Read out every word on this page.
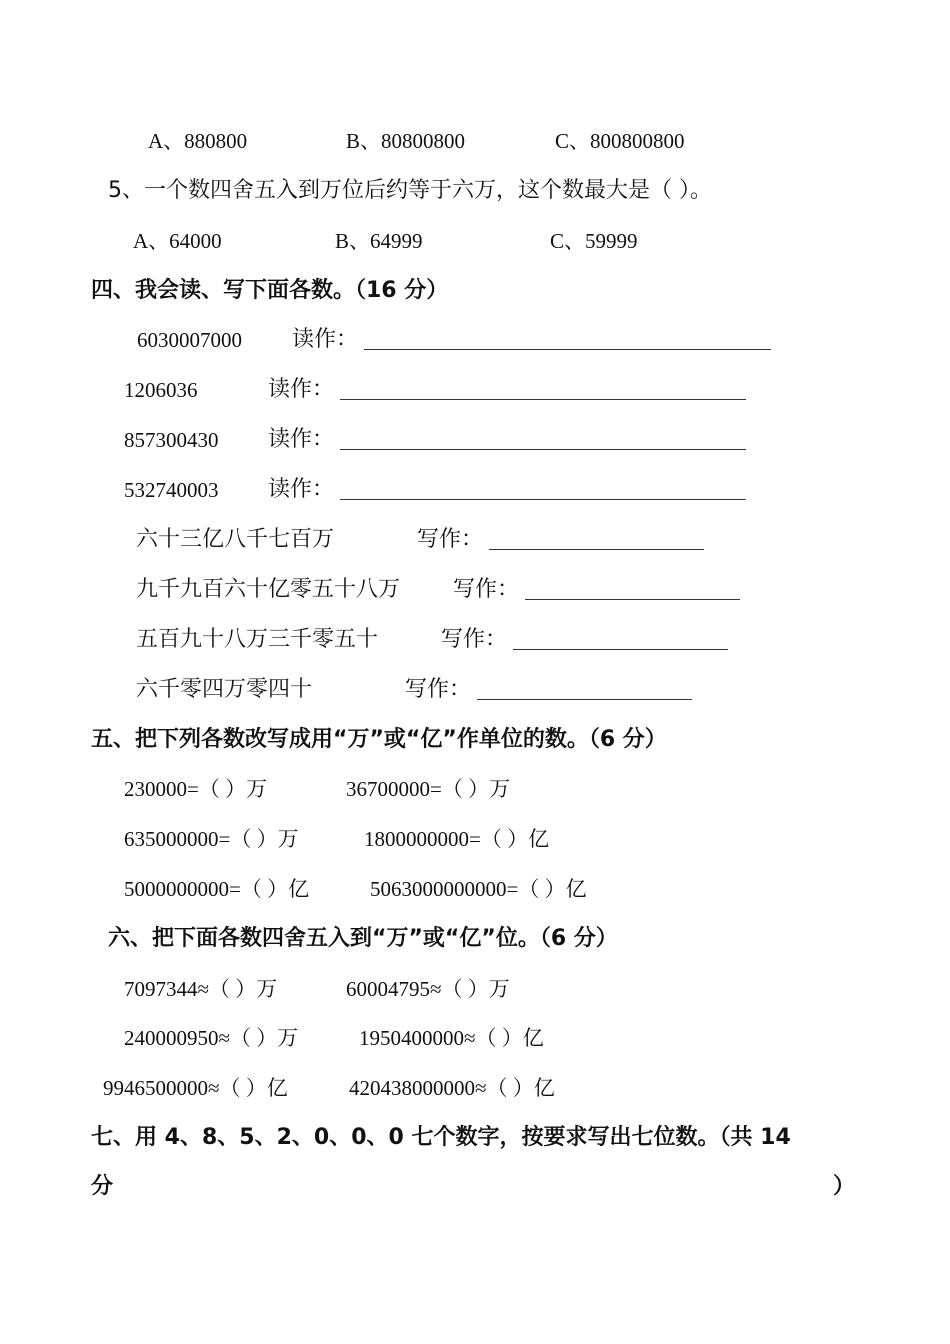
A、880800	B、80800800	C、800800800
5、一个数四舍五入到万位后约等于六万，这个数最大是（ ）。
A、64000	B、64999	C、59999
四、我会读、写下面各数。（16 分）
6030007000 读作：
1206036	读作：
857300430 读作：
532740003 读作：
六十三亿八千七百万	写作：
九千九百六十亿零五十八万 写作：
五百九十八万三千零五十	写作：
六千零四万零四十	写作：
五、把下列各数改写成用“万”或“亿”作单位的数。（6 分）
230000=（ ）万	36700000=（ ）万
635000000=（ ）万	1800000000=（ ）亿
5000000000=（ ）亿	5063000000000=（ ）亿
六、把下面各数四舍五入到“万”或“亿”位。（6 分）
7097344≈（ ）万	60004795≈（ ）万
240000950≈（ ）万	1950400000≈（ ）亿
9946500000≈（ ）亿	420438000000≈（ ）亿
七、用 4、8、5、2、0、0、0 七个数字，按要求写出七位数。（共 14
分	）
